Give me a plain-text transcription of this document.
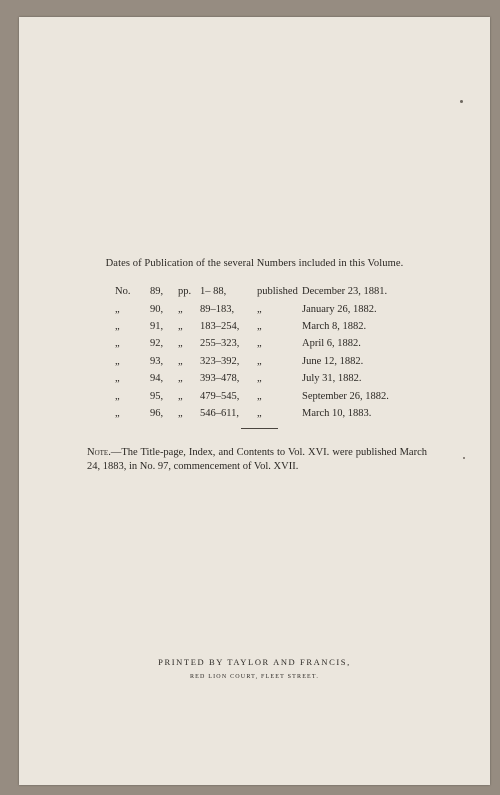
Dates of Publication of the several Numbers included in this Volume.
No.	89,	pp.	1– 88,	published	December 23, 1881.
„	90,	„	89–183,	„	January 26, 1882.
„	91,	„	183–254,	„	March 8, 1882.
„	92,	„	255–323,	„	April 6, 1882.
„	93,	„	323–392,	„	June 12, 1882.
„	94,	„	393–478,	„	July 31, 1882.
„	95,	„	479–545,	„	September 26, 1882.
„	96,	„	546–611,	„	March 10, 1883.
Note.—The Title-page, Index, and Contents to Vol. XVI. were published March 24, 1883, in No. 97, commencement of Vol. XVII.
PRINTED BY TAYLOR AND FRANCIS,
RED LION COURT, FLEET STREET.
